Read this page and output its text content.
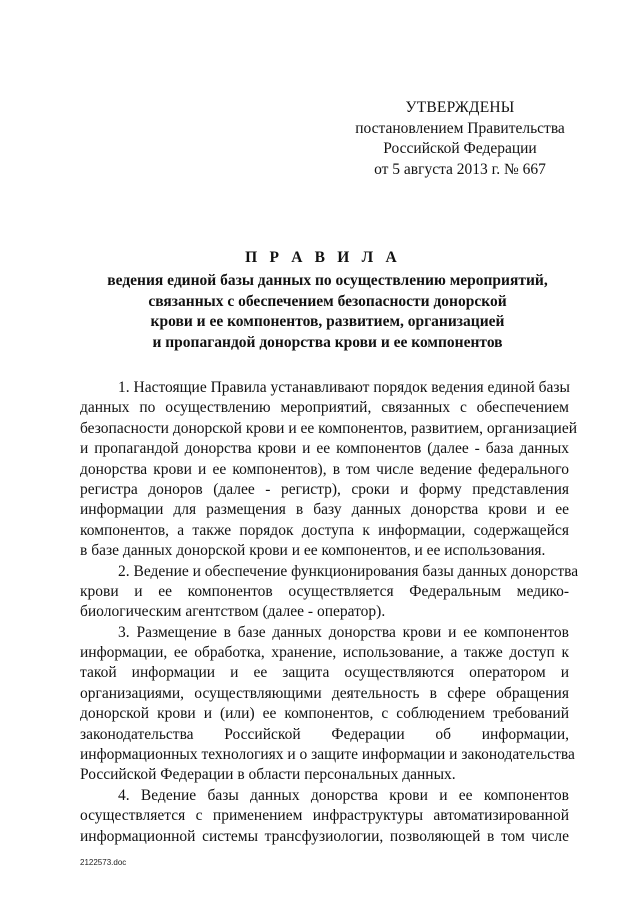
УТВЕРЖДЕНЫ
постановлением Правительства
Российской Федерации
от 5 августа 2013 г. № 667
П Р А В И Л А
ведения единой базы данных по осуществлению мероприятий,
связанных с обеспечением безопасности донорской
крови и ее компонентов, развитием, организацией
и пропагандой донорства крови и ее компонентов
1. Настоящие Правила устанавливают порядок ведения единой базы
данных по осуществлению мероприятий, связанных с обеспечением
безопасности донорской крови и ее компонентов, развитием, организацией
и пропагандой донорства крови и ее компонентов (далее - база данных
донорства крови и ее компонентов), в том числе ведение федерального
регистра доноров (далее - регистр), сроки и форму представления
информации для размещения в базу данных донорства крови и ее
компонентов, а также порядок доступа к информации, содержащейся
в базе данных донорской крови и ее компонентов, и ее использования.
2. Ведение и обеспечение функционирования базы данных донорства
крови и ее компонентов осуществляется Федеральным медико-
биологическим агентством (далее - оператор).
3. Размещение в базе данных донорства крови и ее компонентов
информации, ее обработка, хранение, использование, а также доступ к
такой информации и ее защита осуществляются оператором и
организациями, осуществляющими деятельность в сфере обращения
донорской крови и (или) ее компонентов, с соблюдением требований
законодательства Российской Федерации об информации,
информационных технологиях и о защите информации и законодательства
Российской Федерации в области персональных данных.
4. Ведение базы данных донорства крови и ее компонентов
осуществляется с применением инфраструктуры автоматизированной
информационной системы трансфузиологии, позволяющей в том числе
2122573.doc
